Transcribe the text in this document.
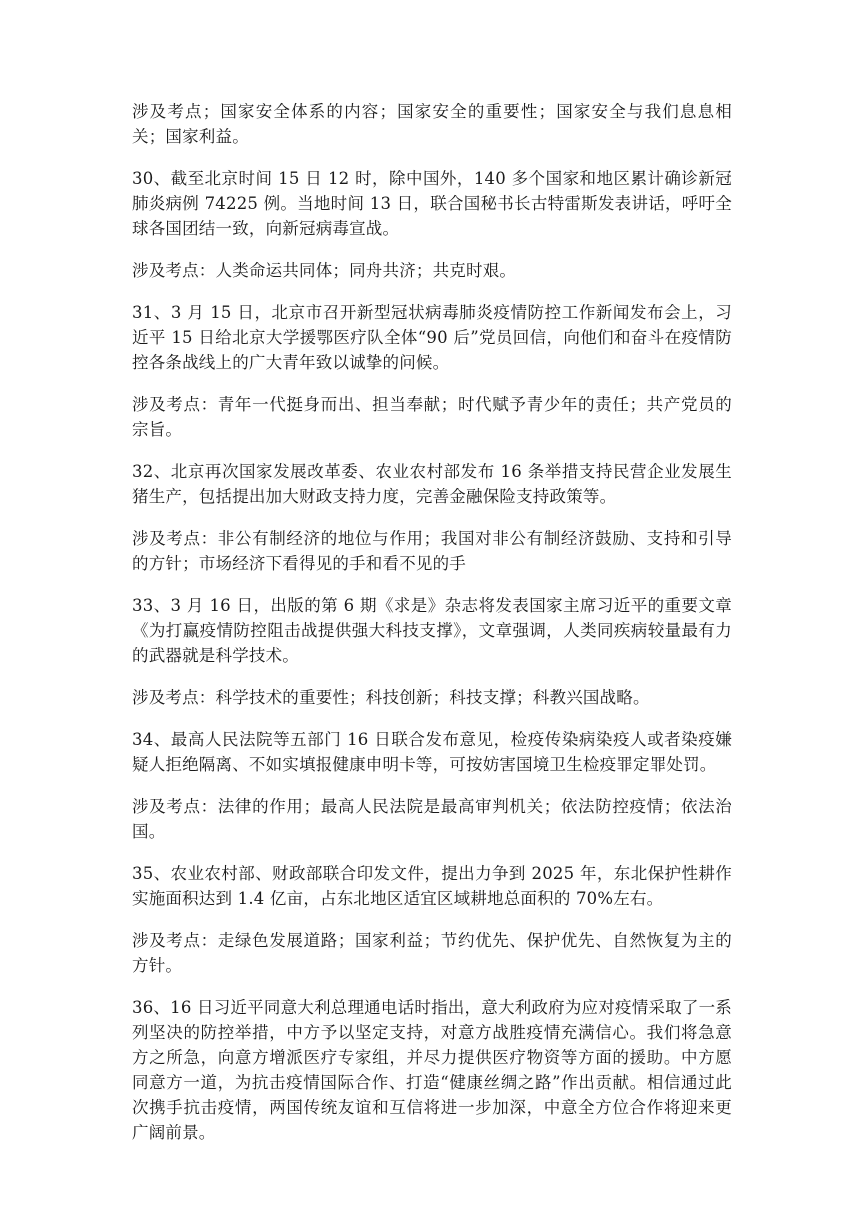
涉及考点；国家安全体系的内容；国家安全的重要性；国家安全与我们息息相关；国家利益。

30、截至北京时间 15 日 12 时，除中国外，140 多个国家和地区累计确诊新冠肺炎病例 74225 例。当地时间 13 日，联合国秘书长古特雷斯发表讲话，呼吁全球各国团结一致，向新冠病毒宣战。

涉及考点：人类命运共同体；同舟共济；共克时艰。

31、3 月 15 日，北京市召开新型冠状病毒肺炎疫情防控工作新闻发布会上，习近平 15 日给北京大学援鄂医疗队全体“90 后”党员回信，向他们和奋斗在疫情防控各条战线上的广大青年致以诚挚的问候。

涉及考点：青年一代挺身而出、担当奉献；时代赋予青少年的责任；共产党员的宗旨。

32、北京再次国家发展改革委、农业农村部发布 16 条举措支持民营企业发展生猪生产，包括提出加大财政支持力度，完善金融保险支持政策等。

涉及考点：非公有制经济的地位与作用；我国对非公有制经济鼓励、支持和引导的方针；市场经济下看得见的手和看不见的手

33、3 月 16 日，出版的第 6 期《求是》杂志将发表国家主席习近平的重要文章《为打赢疫情防控阻击战提供强大科技支撑》，文章强调，人类同疾病较量最有力的武器就是科学技术。

涉及考点：科学技术的重要性；科技创新；科技支撑；科教兴国战略。

34、最高人民法院等五部门 16 日联合发布意见，检疫传染病染疫人或者染疫嫌疑人拒绝隔离、不如实填报健康申明卡等，可按妨害国境卫生检疫罪定罪处罚。

涉及考点：法律的作用；最高人民法院是最高审判机关；依法防控疫情；依法治国。

35、农业农村部、财政部联合印发文件，提出力争到 2025 年，东北保护性耕作实施面积达到 1.4 亿亩，占东北地区适宜区域耕地总面积的 70%左右。

涉及考点：走绿色发展道路；国家利益；节约优先、保护优先、自然恢复为主的方针。

36、16 日习近平同意大利总理通电话时指出，意大利政府为应对疫情采取了一系列坚决的防控举措，中方予以坚定支持，对意方战胜疫情充满信心。我们将急意方之所急，向意方增派医疗专家组，并尽力提供医疗物资等方面的援助。中方愿同意方一道，为抗击疫情国际合作、打造“健康丝绸之路”作出贡献。相信通过此次携手抗击疫情，两国传统友谊和互信将进一步加深，中意全方位合作将迎来更广阔前景。
